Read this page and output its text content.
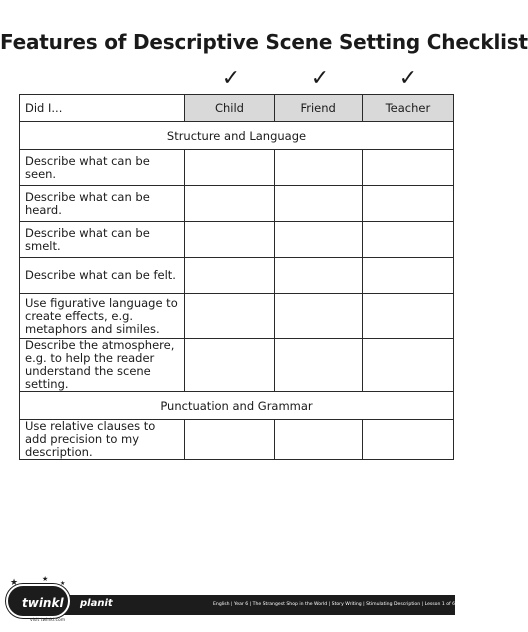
Features of Descriptive Scene Setting Checklist
✓	✓	✓
Did I...	Child	Friend	Teacher
Structure and Language			
Describe what can be seen.			
Describe what can be heard.			
Describe what can be smelt.			
Describe what can be felt.			
Use figurative language to create effects, e.g. metaphors and similes.			
Describe the atmosphere, e.g. to help the reader understand the scene setting.			
Punctuation and Grammar			
Use relative clauses to add precision to my description.			
★	★
★
twinkl planit	English | Year 6 | The Strangest Shop in the World | Story Writing | Stimulating Description | Lesson 1 of 6
visit twinkl.com
